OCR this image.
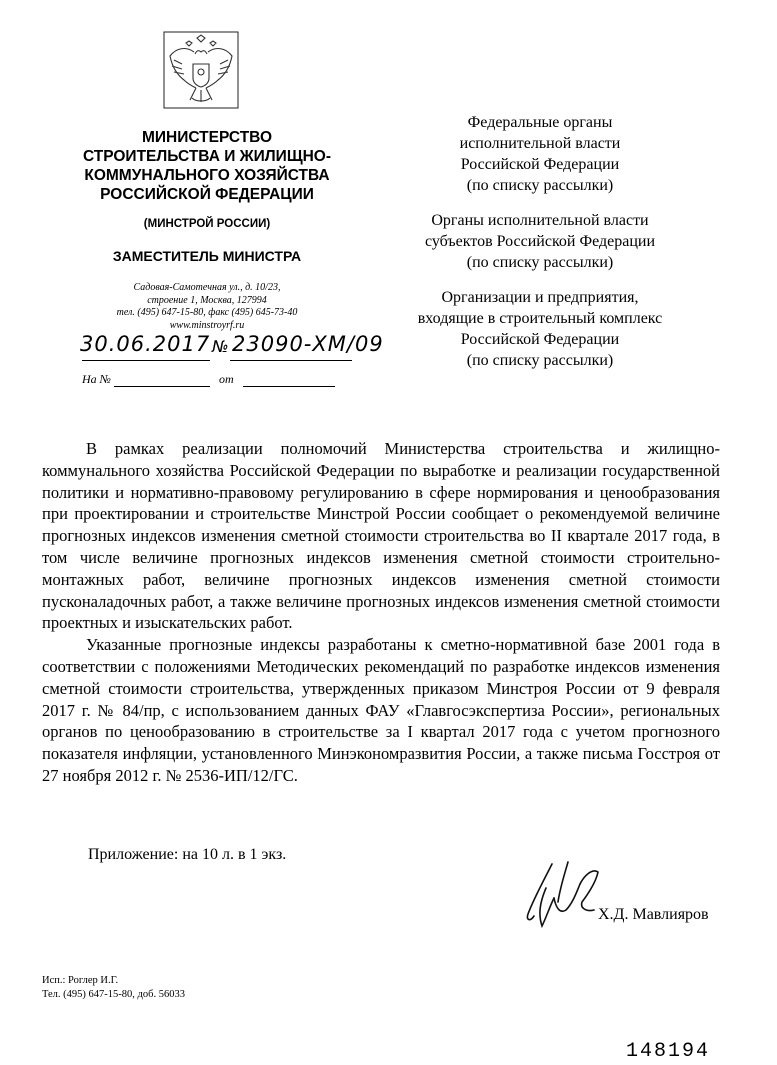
МИНИСТЕРСТВО
СТРОИТЕЛЬСТВА И ЖИЛИЩНО-
КОММУНАЛЬНОГО ХОЗЯЙСТВА
РОССИЙСКОЙ ФЕДЕРАЦИИ
(МИНСТРОЙ РОССИИ)
ЗАМЕСТИТЕЛЬ МИНИСТРА
Садовая-Самотечная ул., д. 10/23,
строение 1, Москва, 127994
тел. (495) 647-15-80, факс (495) 645-73-40
www.minstroyrf.ru
30.06.2017 № 23090-ХМ/09
На №	от
Федеральные органы
исполнительной власти
Российской Федерации
(по списку рассылки)
Органы исполнительной власти
субъектов Российской Федерации
(по списку рассылки)
Организации и предприятия,
входящие в строительный комплекс
Российской Федерации
(по списку рассылки)

В рамках реализации полномочий Министерства строительства и жилищно-коммунального хозяйства Российской Федерации по выработке и реализации государственной политики и нормативно-правовому регулированию в сфере нормирования и ценообразования при проектировании и строительстве Минстрой России сообщает о рекомендуемой величине прогнозных индексов изменения сметной стоимости строительства во II квартале 2017 года, в том числе величине прогнозных индексов изменения сметной стоимости строительно-монтажных работ, величине прогнозных индексов изменения сметной стоимости пусконаладочных работ, а также величине прогнозных индексов изменения сметной стоимости проектных и изыскательских работ.

Указанные прогнозные индексы разработаны к сметно-нормативной базе 2001 года в соответствии с положениями Методических рекомендаций по разработке индексов изменения сметной стоимости строительства, утвержденных приказом Минстроя России от 9 февраля 2017 г. № 84/пр, с использованием данных ФАУ «Главгосэкспертиза России», региональных органов по ценообразованию в строительстве за I квартал 2017 года с учетом прогнозного показателя инфляции, установленного Минэкономразвития России, а также письма Госстроя от 27 ноября 2012 г. № 2536-ИП/12/ГС.

Приложение: на 10 л. в 1 экз.
Х.Д. Мавлияров
Исп.: Роглер И.Г.
Тел. (495) 647-15-80, доб. 56033
148194
